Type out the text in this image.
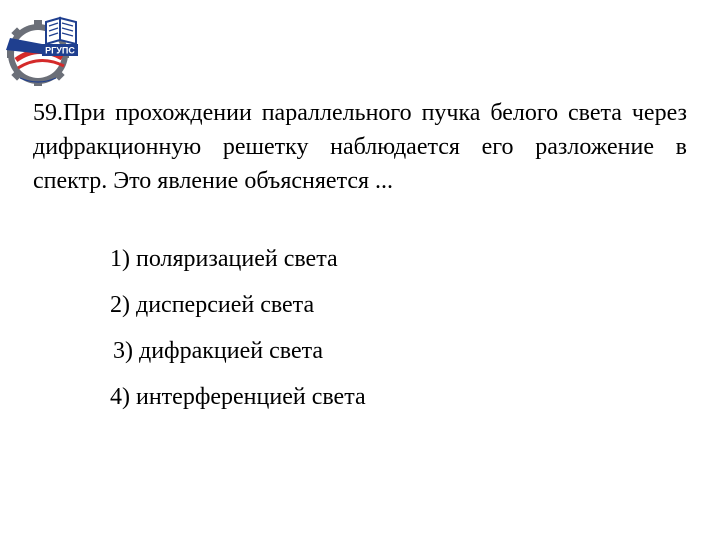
РГУПС
59.При прохождении параллельного пучка белого света через дифракционную решетку наблюдается его разложение в спектр. Это явление объясняется ...
1) поляризацией света
2) дисперсией света
3) дифракцией света
4) интерференцией света
